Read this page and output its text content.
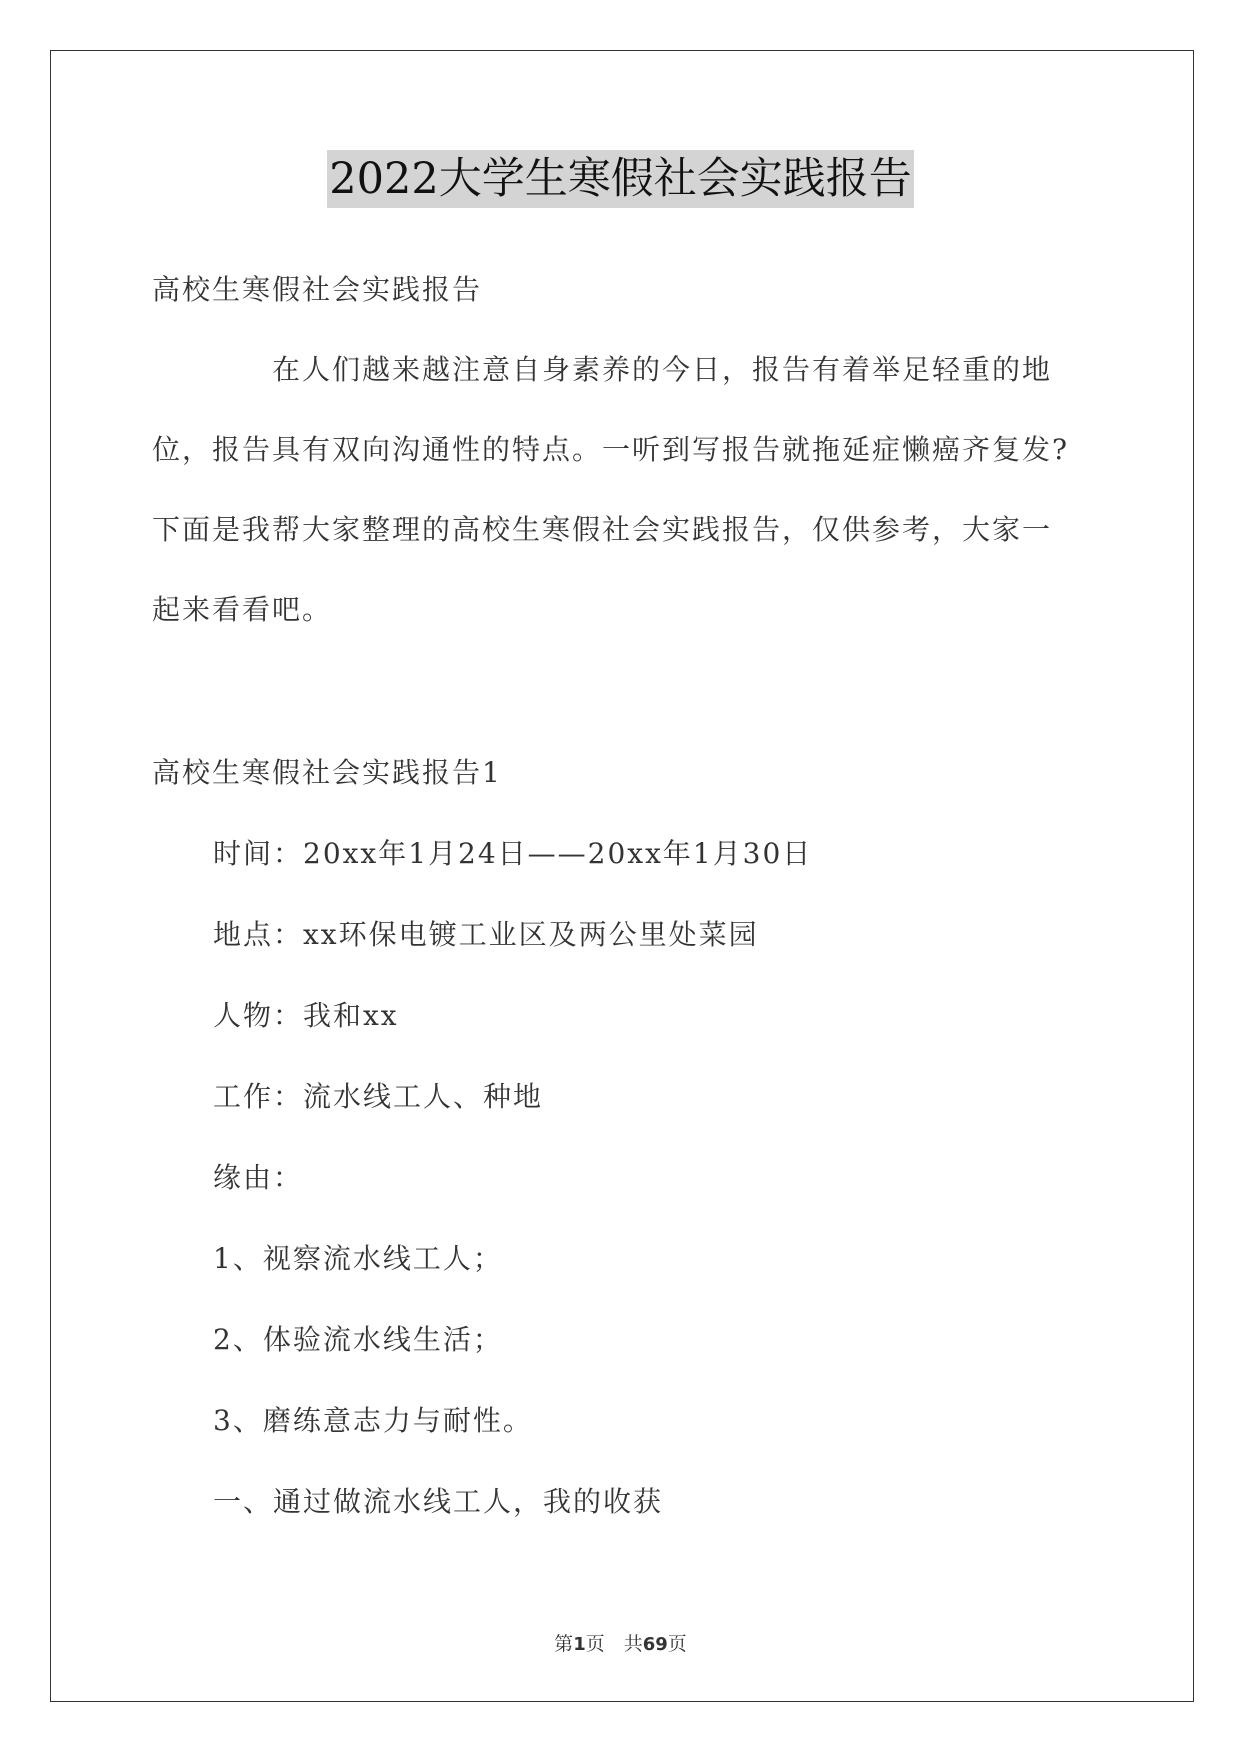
2022大学生寒假社会实践报告
高校生寒假社会实践报告
在人们越来越注意自身素养的今日，报告有着举足轻重的地
位，报告具有双向沟通性的特点。一听到写报告就拖延症懒癌齐复发?
下面是我帮大家整理的高校生寒假社会实践报告，仅供参考，大家一
起来看看吧。
高校生寒假社会实践报告1
时间：20xx年1月24日——20xx年1月30日
地点：xx环保电镀工业区及两公里处菜园
人物：我和xx
工作：流水线工人、种地
缘由：
1、视察流水线工人；
2、体验流水线生活；
3、磨练意志力与耐性。
一、通过做流水线工人，我的收获
第1页　共69页
